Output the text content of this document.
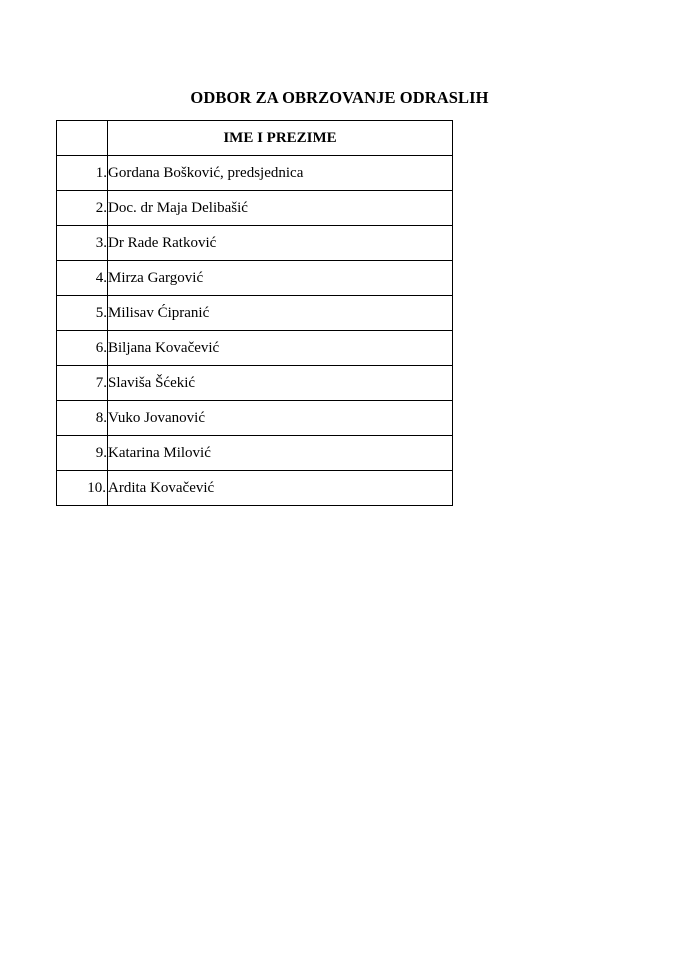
ODBOR ZA OBRZOVANJE ODRASLIH
	IME I PREZIME
1.	Gordana Bošković, predsjednica
2.	Doc. dr Maja Delibašić
3.	Dr Rade Ratković
4.	Mirza Gargović
5.	Milisav Ćipranić
6.	Biljana Kovačević
7.	Slaviša Šćekić
8.	Vuko Jovanović
9.	Katarina Milović
10.	Ardita Kovačević
